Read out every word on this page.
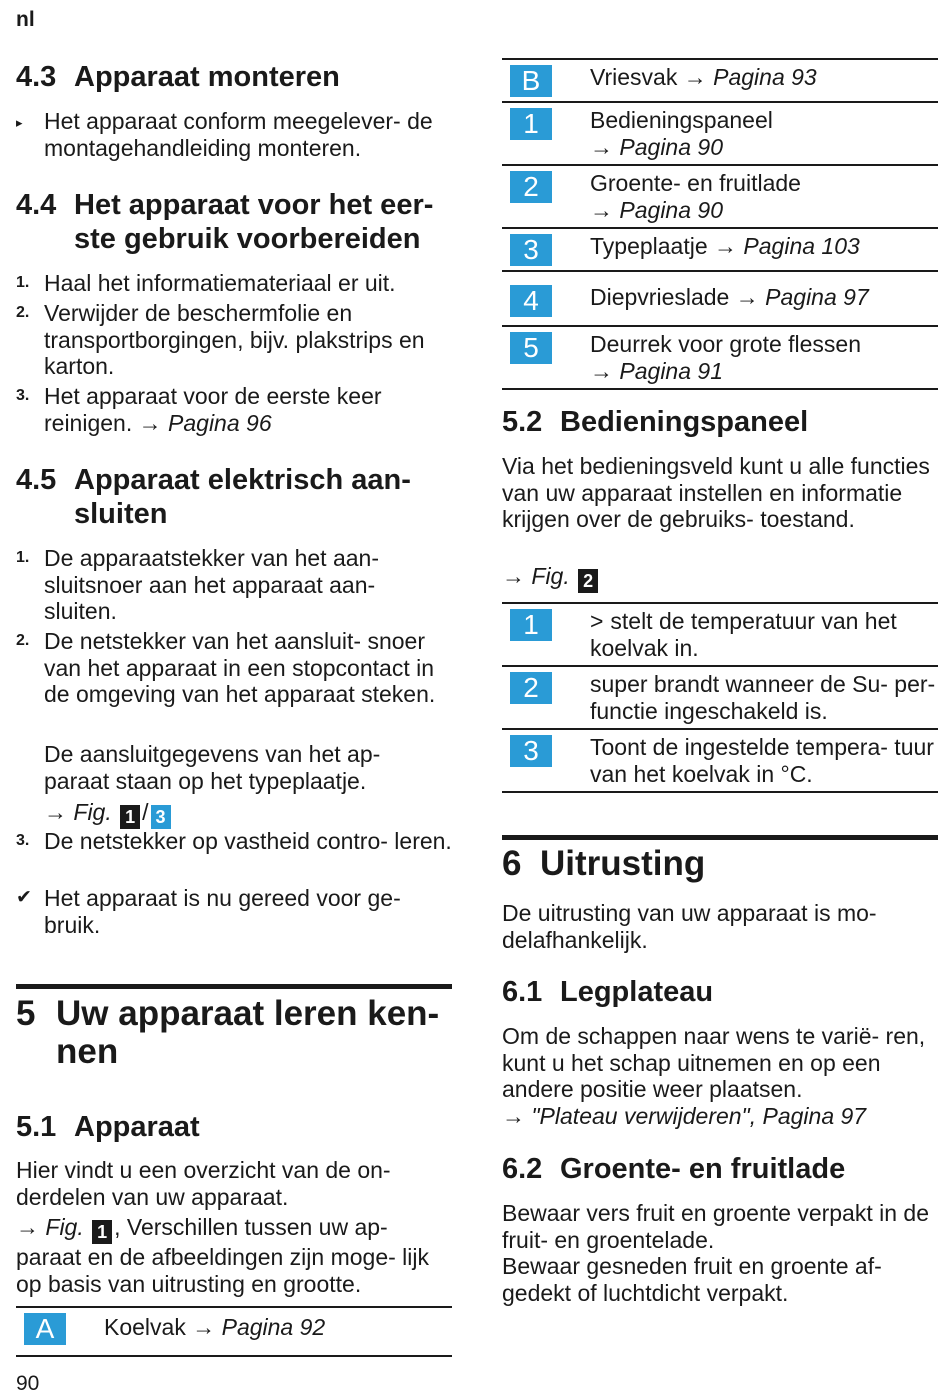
nl
4.3 Apparaat monteren
▸ Het apparaat conform meegelever- de montagehandleiding monteren.
4.4 Het apparaat voor het eer-
ste gebruik voorbereiden
1. Haal het informatiemateriaal er uit.
2. Verwijder de beschermfolie en transportborgingen, bijv. plakstrips en karton.
3. Het apparaat voor de eerste keer reinigen. → Pagina 96
4.5 Apparaat elektrisch aan-
sluiten
1. De apparaatstekker van het aan- sluitsnoer aan het apparaat aan- sluiten.
2. De netstekker van het aansluit- snoer van het apparaat in een stopcontact in de omgeving van het apparaat steken.
De aansluitgegevens van het ap- paraat staan op het typeplaatje.
→ Fig. 1 / 3
3. De netstekker op vastheid contro- leren.
✔ Het apparaat is nu gereed voor ge- bruik.
5 Uw apparaat leren ken-
nen
5.1 Apparaat
Hier vindt u een overzicht van de on- derdelen van uw apparaat.
→ Fig. 1 , Verschillen tussen uw ap- paraat en de afbeeldingen zijn moge- lijk op basis van uitrusting en grootte.
A	Koelvak → Pagina 92
90
B	Vriesvak → Pagina 93
1	Bedieningspaneel
→ Pagina 90
2	Groente- en fruitlade
→ Pagina 90
3	Typeplaatje → Pagina 103
4	Diepvrieslade → Pagina 97
5	Deurrek voor grote flessen
→ Pagina 91
5.2 Bedieningspaneel
Via het bedieningsveld kunt u alle functies van uw apparaat instellen en informatie krijgen over de gebruiks- toestand.
→ Fig. 2
1	> stelt de temperatuur van het koelvak in.
2	super brandt wanneer de Su- per-functie ingeschakeld is.
3	Toont de ingestelde tempera- tuur van het koelvak in °C.
6 Uitrusting
De uitrusting van uw apparaat is mo- delafhankelijk.
6.1 Legplateau
Om de schappen naar wens te varië- ren, kunt u het schap uitnemen en op een andere positie weer plaatsen.
→ "Plateau verwijderen", Pagina 97
6.2 Groente- en fruitlade
Bewaar vers fruit en groente verpakt in de fruit- en groentelade.
Bewaar gesneden fruit en groente af- gedekt of luchtdicht verpakt.
